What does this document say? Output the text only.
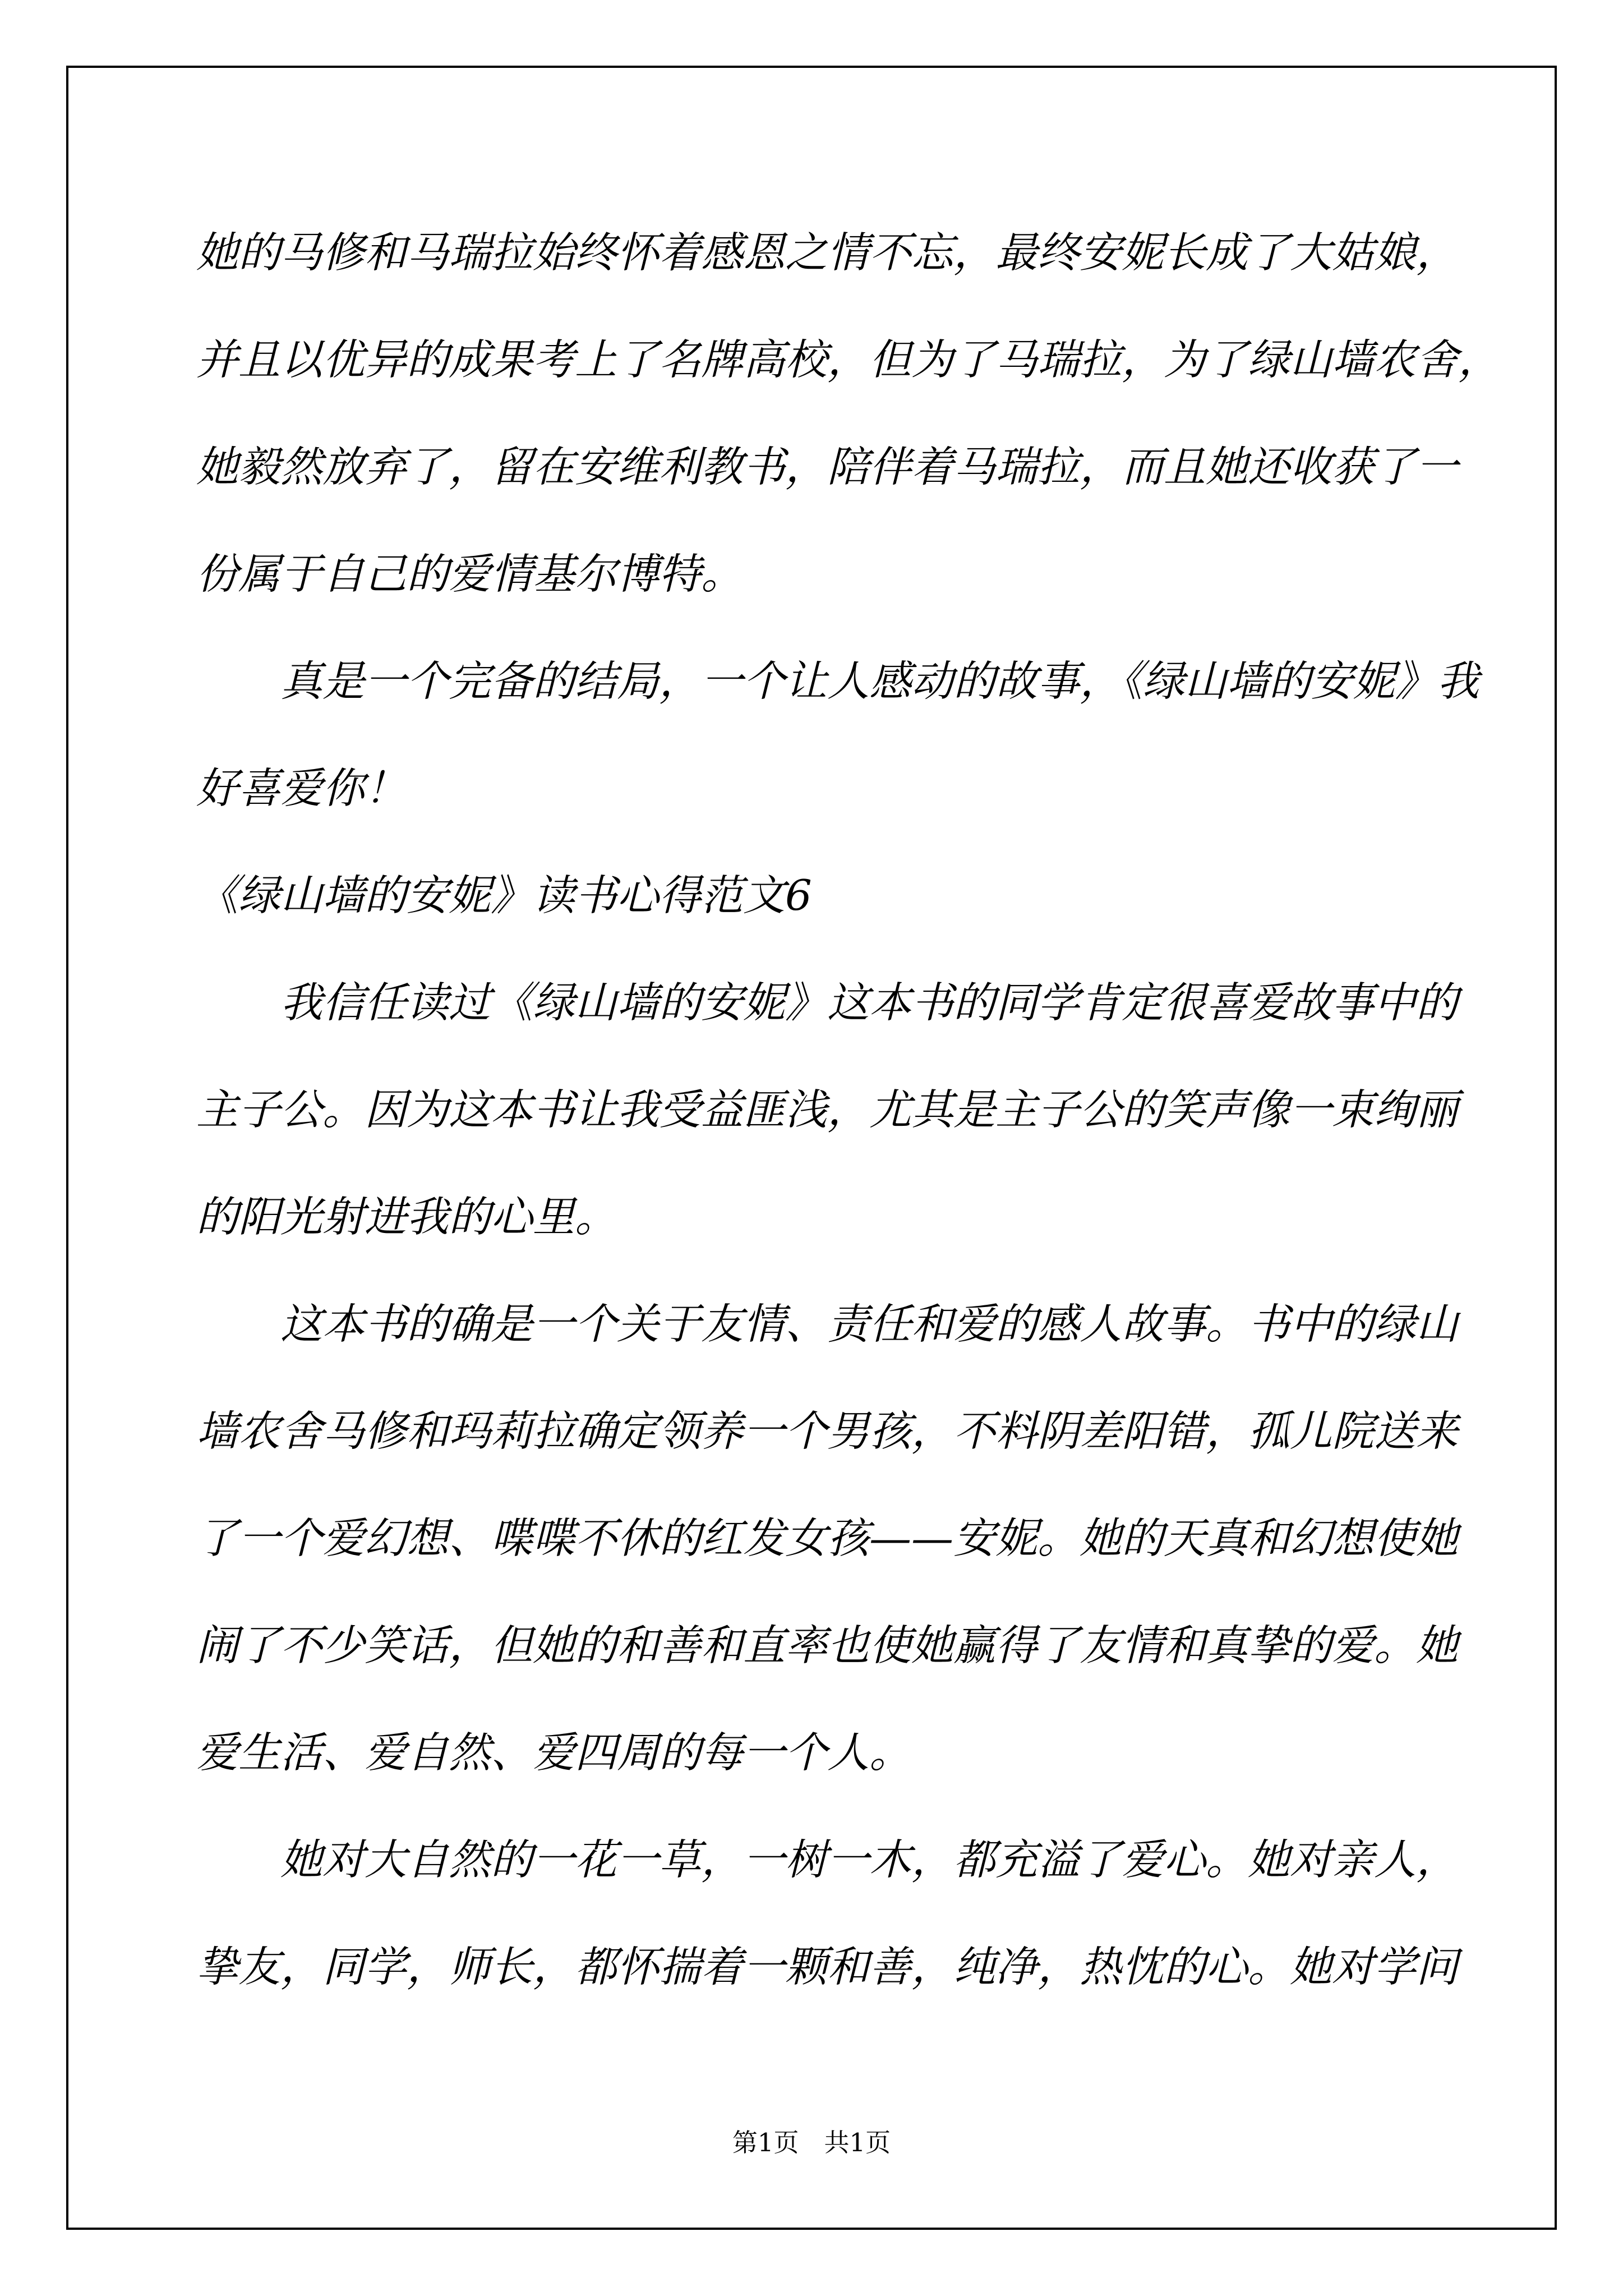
她的马修和马瑞拉始终怀着感恩之情不忘，最终安妮长成了大姑娘，
并且以优异的成果考上了名牌高校，但为了马瑞拉，为了绿山墙农舍，
她毅然放弃了，留在安维利教书，陪伴着马瑞拉，而且她还收获了一
份属于自己的爱情基尔博特。
真是一个完备的结局，一个让人感动的故事，《绿山墙的安妮》我
好喜爱你！
《绿山墙的安妮》读书心得范文6
我信任读过《绿山墙的安妮》这本书的同学肯定很喜爱故事中的
主子公。因为这本书让我受益匪浅，尤其是主子公的笑声像一束绚丽
的阳光射进我的心里。
这本书的确是一个关于友情、责任和爱的感人故事。书中的绿山
墙农舍马修和玛莉拉确定领养一个男孩，不料阴差阳错，孤儿院送来
了一个爱幻想、喋喋不休的红发女孩——安妮。她的天真和幻想使她
闹了不少笑话，但她的和善和直率也使她赢得了友情和真挚的爱。她
爱生活、爱自然、爱四周的每一个人。
她对大自然的一花一草，一树一木，都充溢了爱心。她对亲人，
挚友，同学，师长，都怀揣着一颗和善，纯净，热忱的心。她对学问
第1页　共1页
